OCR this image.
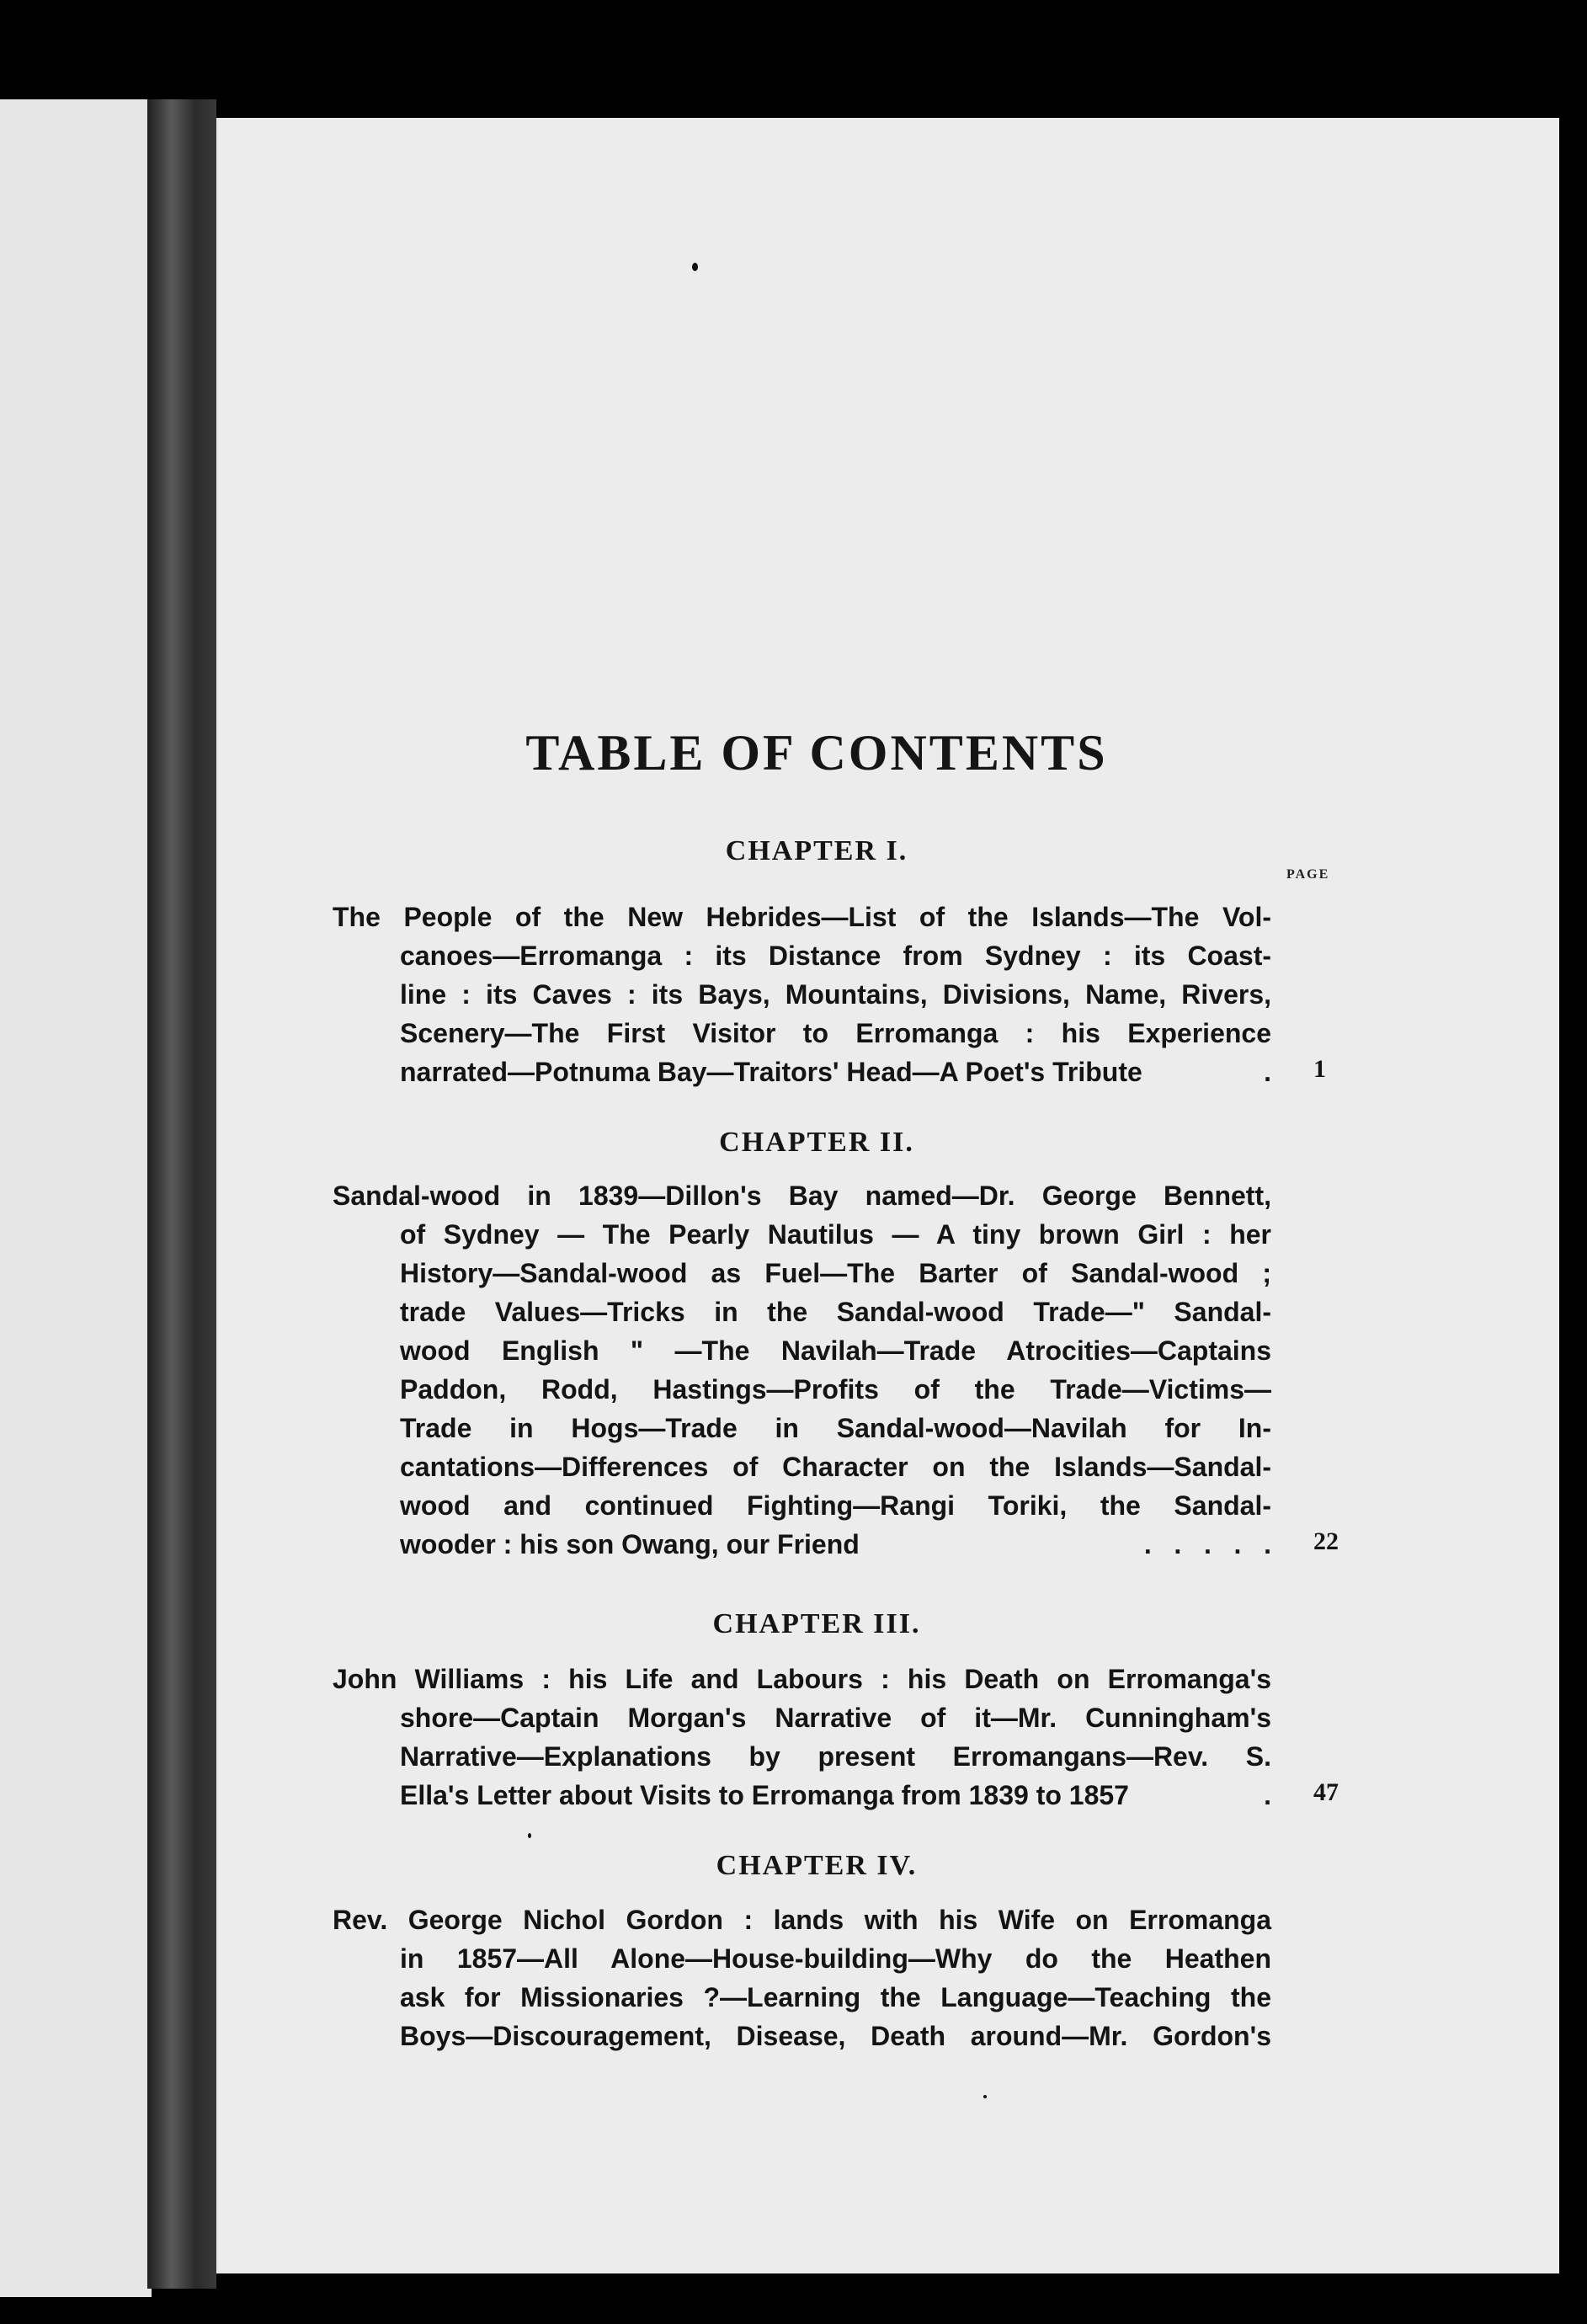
TABLE OF CONTENTS
CHAPTER I.
PAGE
The People of the New Hebrides—List of the Islands—The Vol-
canoes—Erromanga : its Distance from Sydney : its Coast-
line : its Caves : its Bays, Mountains, Divisions, Name, Rivers,
Scenery—The First Visitor to Erromanga : his Experience
narrated—Potnuma Bay—Traitors' Head—A Poet's Tribute	. 1
CHAPTER II.
Sandal-wood in 1839—Dillon's Bay named—Dr. George Bennett,
of Sydney — The Pearly Nautilus — A tiny brown Girl : her
History—Sandal-wood as Fuel—The Barter of Sandal-wood ;
trade Values—Tricks in the Sandal-wood Trade—" Sandal-
wood English " —The Navilah—Trade Atrocities—Captains
Paddon, Rodd, Hastings—Profits of the Trade—Victims—
Trade in Hogs—Trade in Sandal-wood—Navilah for In-
cantations—Differences of Character on the Islands—Sandal-
wood and continued Fighting—Rangi Toriki, the Sandal-
wooder : his son Owang, our Friend	.   .   .   .   . 22
CHAPTER III.
John Williams : his Life and Labours : his Death on Erromanga's
shore—Captain Morgan's Narrative of it—Mr. Cunningham's
Narrative—Explanations by present Erromangans—Rev. S.
Ella's Letter about Visits to Erromanga from 1839 to 1857	. 47
CHAPTER IV.
Rev. George Nichol Gordon : lands with his Wife on Erromanga
in 1857—All Alone—House-building—Why do the Heathen
ask for Missionaries ?—Learning the Language—Teaching the
Boys—Discouragement, Disease, Death around—Mr. Gordon's
